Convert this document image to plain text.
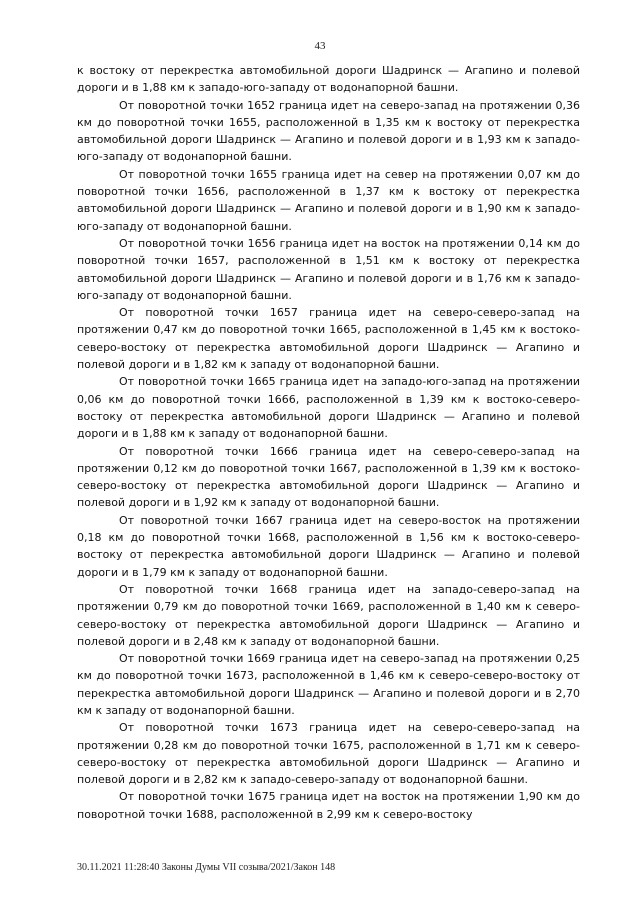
43

к востоку от перекрестка автомобильной дороги Шадринск — Агапино и полевой дороги и в 1,88 км к западо-юго-западу от водонапорной башни.

От поворотной точки 1652 граница идет на северо-запад на протяжении 0,36 км до поворотной точки 1655, расположенной в 1,35 км к востоку от перекрестка автомобильной дороги Шадринск — Агапино и полевой дороги и в 1,93 км к западо-юго-западу от водонапорной башни.

От поворотной точки 1655 граница идет на север на протяжении 0,07 км до поворотной точки 1656, расположенной в 1,37 км к востоку от перекрестка автомобильной дороги Шадринск — Агапино и полевой дороги и в 1,90 км к западо-юго-западу от водонапорной башни.

От поворотной точки 1656 граница идет на восток на протяжении 0,14 км до поворотной точки 1657, расположенной в 1,51 км к востоку от перекрестка автомобильной дороги Шадринск — Агапино и полевой дороги и в 1,76 км к западо-юго-западу от водонапорной башни.

От поворотной точки 1657 граница идет на северо-северо-запад на протяжении 0,47 км до поворотной точки 1665, расположенной в 1,45 км к востоко-северо-востоку от перекрестка автомобильной дороги Шадринск — Агапино и полевой дороги и в 1,82 км к западу от водонапорной башни.

От поворотной точки 1665 граница идет на западо-юго-запад на протяжении 0,06 км до поворотной точки 1666, расположенной в 1,39 км к востоко-северо-востоку от перекрестка автомобильной дороги Шадринск — Агапино и полевой дороги и в 1,88 км к западу от водонапорной башни.

От поворотной точки 1666 граница идет на северо-северо-запад на протяжении 0,12 км до поворотной точки 1667, расположенной в 1,39 км к востоко-северо-востоку от перекрестка автомобильной дороги Шадринск — Агапино и полевой дороги и в 1,92 км к западу от водонапорной башни.

От поворотной точки 1667 граница идет на северо-восток на протяжении 0,18 км до поворотной точки 1668, расположенной в 1,56 км к востоко-северо-востоку от перекрестка автомобильной дороги Шадринск — Агапино и полевой дороги и в 1,79 км к западу от водонапорной башни.

От поворотной точки 1668 граница идет на западо-северо-запад на протяжении 0,79 км до поворотной точки 1669, расположенной в 1,40 км к северо-северо-востоку от перекрестка автомобильной дороги Шадринск — Агапино и полевой дороги и в 2,48 км к западу от водонапорной башни.

От поворотной точки 1669 граница идет на северо-запад на протяжении 0,25 км до поворотной точки 1673, расположенной в 1,46 км к северо-северо-востоку от перекрестка автомобильной дороги Шадринск — Агапино и полевой дороги и в 2,70 км к западу от водонапорной башни.

От поворотной точки 1673 граница идет на северо-северо-запад на протяжении 0,28 км до поворотной точки 1675, расположенной в 1,71 км к северо-северо-востоку от перекрестка автомобильной дороги Шадринск — Агапино и полевой дороги и в 2,82 км к западо-северо-западу от водонапорной башни.

От поворотной точки 1675 граница идет на восток на протяжении 1,90 км до поворотной точки 1688, расположенной в 2,99 км к северо-востоку

30.11.2021 11:28:40 Законы Думы VII созыва/2021/Закон 148
